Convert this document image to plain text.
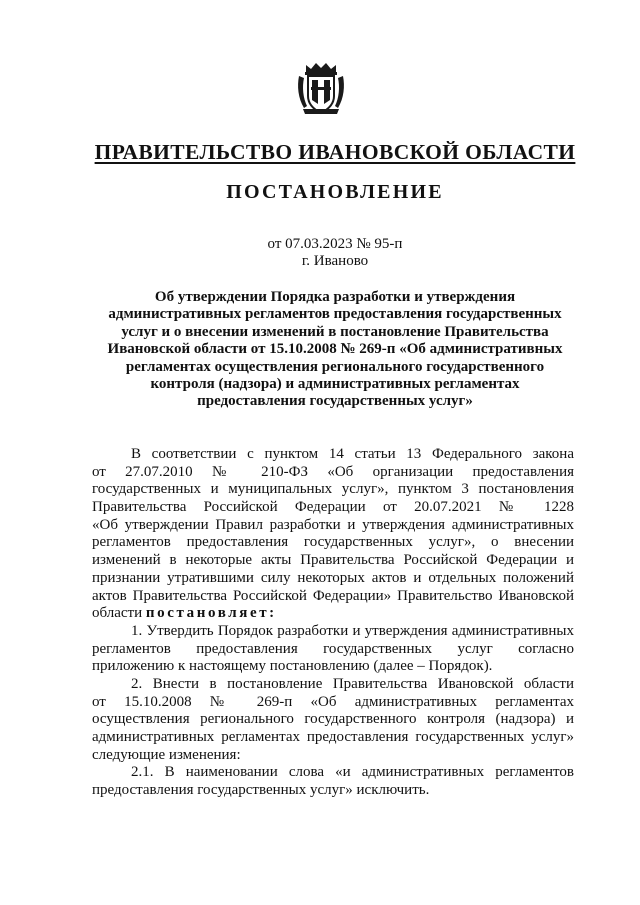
ПРАВИТЕЛЬСТВО ИВАНОВСКОЙ ОБЛАСТИ
ПОСТАНОВЛЕНИЕ
от 07.03.2023 № 95-п
г. Иваново
Об утверждении Порядка разработки и утверждения
административных регламентов предоставления государственных
услуг и о внесении изменений в постановление Правительства
Ивановской области от 15.10.2008 № 269-п «Об административных
регламентах осуществления регионального государственного
контроля (надзора) и административных регламентах
предоставления государственных услуг»
В соответствии с пунктом 14 статьи 13 Федерального закона
от 27.07.2010 № 210-ФЗ «Об организации предоставления
государственных и муниципальных услуг», пунктом 3 постановления
Правительства Российской Федерации от 20.07.2021 № 1228
«Об утверждении Правил разработки и утверждения административных
регламентов предоставления государственных услуг», о внесении
изменений в некоторые акты Правительства Российской Федерации и
признании утратившими силу некоторых актов и отдельных положений
актов Правительства Российской Федерации» Правительство Ивановской
области постановляет:
1. Утвердить Порядок разработки и утверждения административных
регламентов предоставления государственных услуг согласно
приложению к настоящему постановлению (далее – Порядок).
2. Внести в постановление Правительства Ивановской области
от 15.10.2008 № 269-п «Об административных регламентах
осуществления регионального государственного контроля (надзора) и
административных регламентах предоставления государственных услуг»
следующие изменения:
2.1. В наименовании слова «и административных регламентов
предоставления государственных услуг» исключить.
